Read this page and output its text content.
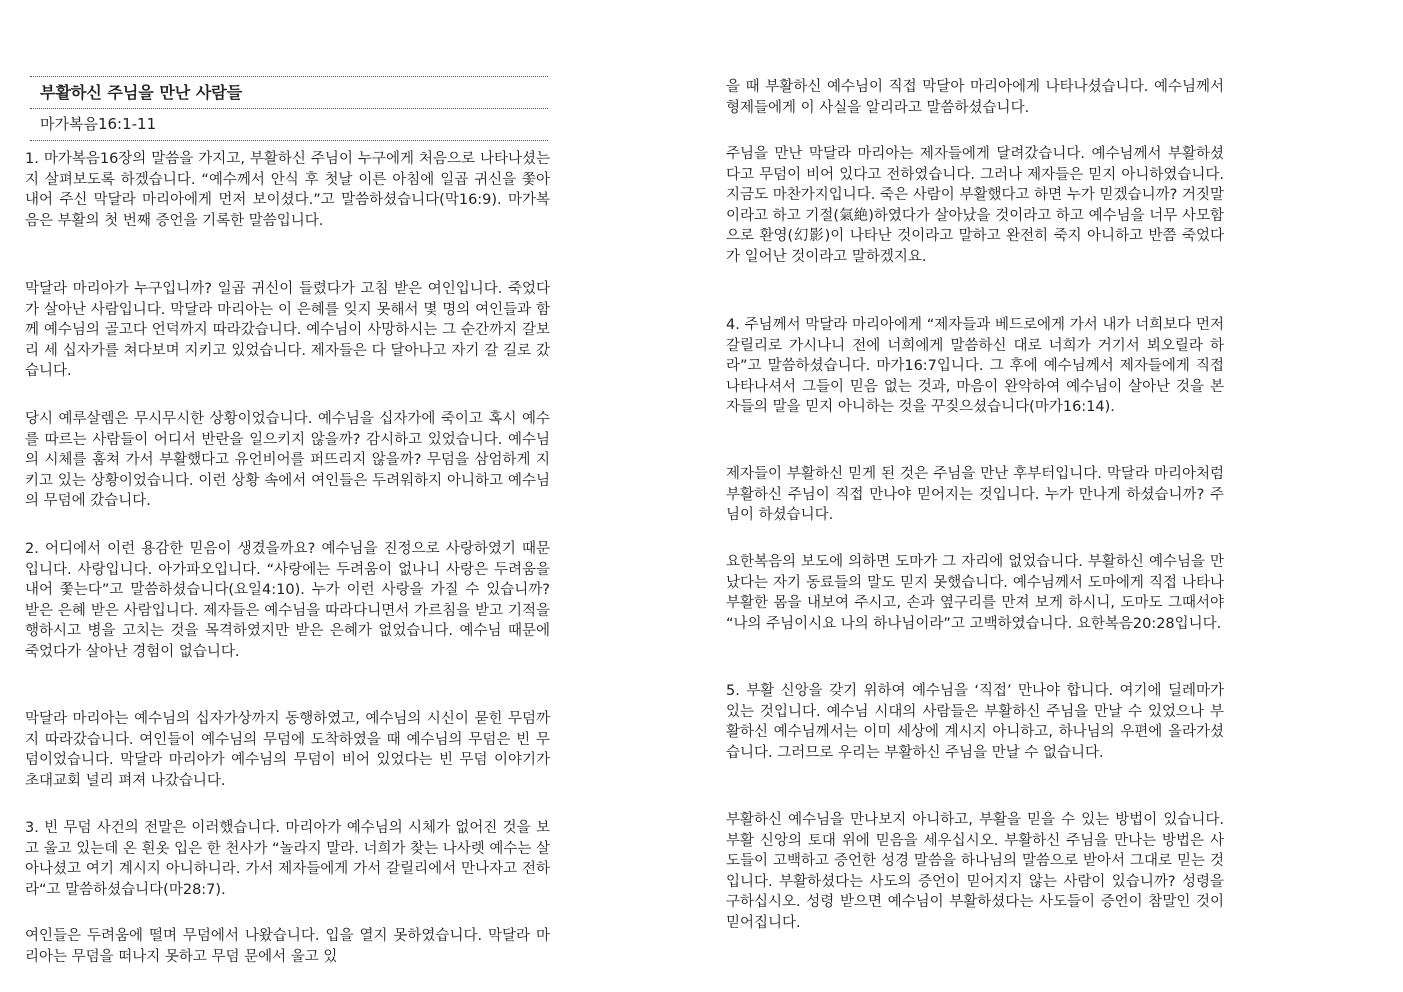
부활하신 주님을 만난 사람들
마가복음16:1-11

1. 마가복음16장의 말씀을 가지고, 부활하신 주님이 누구에게 처음으로 나타나셨는지 살펴보도록 하겠습니다. “예수께서 안식 후 첫날 이른 아침에 일곱 귀신을 쫓아내어 주신 막달라 마리아에게 먼저 보이셨다.”고 말씀하셨습니다(막16:9). 마가복음은 부활의 첫 번째 증언을 기록한 말씀입니다.

막달라 마리아가 누구입니까? 일곱 귀신이 들렸다가 고침 받은 여인입니다. 죽었다가 살아난 사람입니다. 막달라 마리아는 이 은혜를 잊지 못해서 몇 명의 여인들과 함께 예수님의 골고다 언덕까지 따라갔습니다. 예수님이 사망하시는 그 순간까지 갈보리 세 십자가를 쳐다보며 지키고 있었습니다. 제자들은 다 달아나고 자기 갈 길로 갔습니다.

당시 예루살렘은 무시무시한 상황이었습니다. 예수님을 십자가에 죽이고 혹시 예수를 따르는 사람들이 어디서 반란을 일으키지 않을까? 감시하고 있었습니다. 예수님의 시체를 훔쳐 가서 부활했다고 유언비어를 퍼뜨리지 않을까? 무덤을 삼엄하게 지키고 있는 상황이었습니다. 이런 상황 속에서 여인들은 두려워하지 아니하고 예수님의 무덤에 갔습니다.

2. 어디에서 이런 용감한 믿음이 생겼을까요? 예수님을 진정으로 사랑하였기 때문입니다. 사랑입니다. 아가파오입니다. “사랑에는 두려움이 없나니 사랑은 두려움을 내어 쫓는다”고 말씀하셨습니다(요일4:10). 누가 이런 사랑을 가질 수 있습니까? 받은 은혜 받은 사람입니다. 제자들은 예수님을 따라다니면서 가르침을 받고 기적을 행하시고 병을 고치는 것을 목격하였지만 받은 은혜가 없었습니다. 예수님 때문에 죽었다가 살아난 경험이 없습니다.

막달라 마리아는 예수님의 십자가상까지 동행하였고, 예수님의 시신이 묻힌 무덤까지 따라갔습니다. 여인들이 예수님의 무덤에 도착하였을 때 예수님의 무덤은 빈 무덤이었습니다. 막달라 마리아가 예수님의 무덤이 비어 있었다는 빈 무덤 이야기가 초대교회 널리 펴져 나갔습니다.

3. 빈 무덤 사건의 전말은 이러했습니다. 마리아가 예수님의 시체가 없어진 것을 보고 울고 있는데 온 흰옷 입은 한 천사가 “놀라지 말라. 너희가 찾는 나사렛 예수는 살아나셨고 여기 계시지 아니하니라. 가서 제자들에게 가서 갈릴리에서 만나자고 전하라“고 말씀하셨습니다(마28:7).

여인들은 두려움에 떨며 무덤에서 나왔습니다. 입을 열지 못하였습니다. 막달라 마리아는 무덤을 떠나지 못하고 무덤 문에서 울고 있

을 때 부활하신 예수님이 직접 막달아 마리아에게 나타나셨습니다. 예수님께서 형제들에게 이 사실을 알리라고 말씀하셨습니다.

주님을 만난 막달라 마리아는 제자들에게 달려갔습니다. 예수님께서 부활하셨다고 무덤이 비어 있다고 전하였습니다. 그러나 제자들은 믿지 아니하였습니다. 지금도 마찬가지입니다. 죽은 사람이 부활했다고 하면 누가 믿겠습니까? 거짓말이라고 하고 기절(氣絶)하였다가 살아났을 것이라고 하고 예수님을 너무 사모함으로 환영(幻影)이 나타난 것이라고 말하고 완전히 죽지 아니하고 반쯤 죽었다가 일어난 것이라고 말하겠지요.

4. 주님께서 막달라 마리아에게 “제자들과 베드로에게 가서 내가 너희보다 먼저 갈릴리로 가시나니 전에 너희에게 말씀하신 대로 너희가 거기서 뵈오릴라 하라”고 말씀하셨습니다. 마가16:7입니다. 그 후에 예수님께서 제자들에게 직접 나타나셔서 그들이 믿음 없는 것과, 마음이 완악하여 예수님이 살아난 것을 본 자들의 말을 믿지 아니하는 것을 꾸짖으셨습니다(마가16:14).

제자들이 부활하신 믿게 된 것은 주님을 만난 후부터입니다. 막달라 마리아처럼 부활하신 주님이 직접 만나야 믿어지는 것입니다. 누가 만나게 하셨습니까? 주님이 하셨습니다.

요한복음의 보도에 의하면 도마가 그 자리에 없었습니다. 부활하신 예수님을 만났다는 자기 동료들의 말도 믿지 못했습니다. 예수님께서 도마에게 직접 나타나 부활한 몸을 내보여 주시고, 손과 옆구리를 만져 보게 하시니, 도마도 그때서야 “나의 주님이시요 나의 하나님이라”고 고백하였습니다. 요한복음20:28입니다.

5. 부활 신앙을 갖기 위하여 예수님을 ‘직접’ 만나야 합니다. 여기에 딜레마가 있는 것입니다. 예수님 시대의 사람들은 부활하신 주님을 만날 수 있었으나 부활하신 예수님께서는 이미 세상에 계시지 아니하고, 하나님의 우편에 올라가셨습니다. 그러므로 우리는 부활하신 주님을 만날 수 없습니다.

부활하신 예수님을 만나보지 아니하고, 부활을 믿을 수 있는 방법이 있습니다. 부활 신앙의 토대 위에 믿음을 세우십시오. 부활하신 주님을 만나는 방법은 사도들이 고백하고 증언한 성경 말씀을 하나님의 말씀으로 받아서 그대로 믿는 것입니다. 부활하셨다는 사도의 증언이 믿어지지 않는 사람이 있습니까? 성령을 구하십시오. 성령 받으면 예수님이 부활하셨다는 사도들이 증언이 참말인 것이 믿어집니다.
